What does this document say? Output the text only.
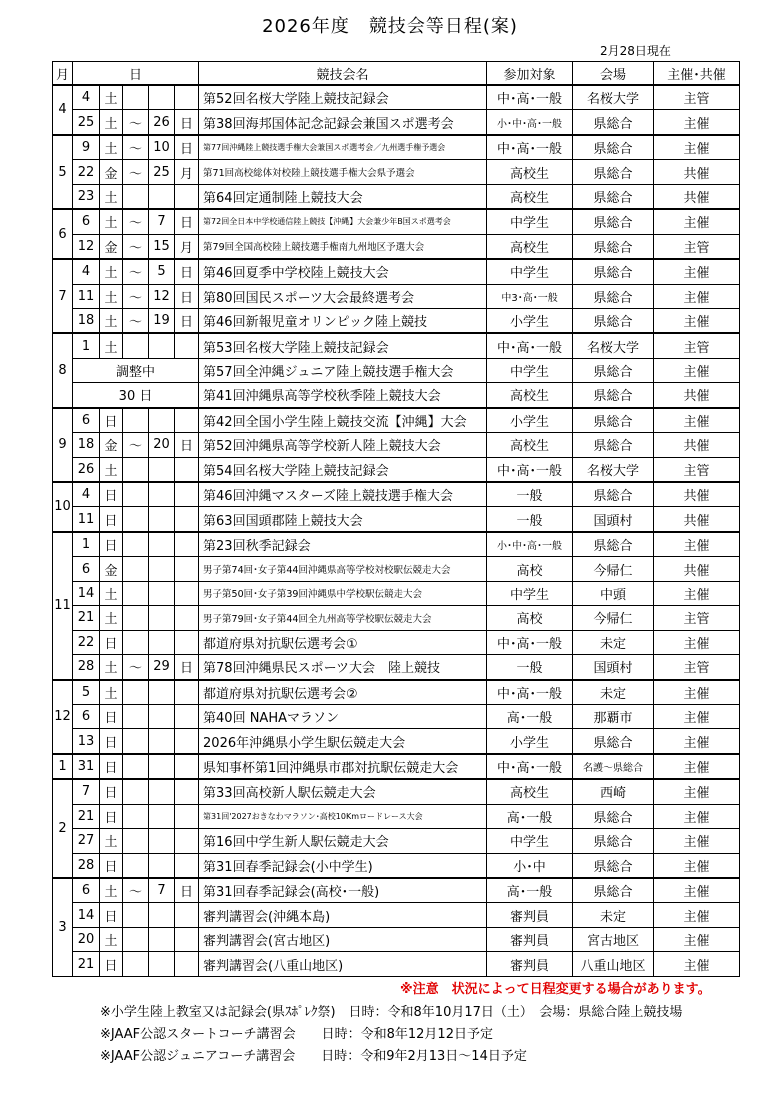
2026年度　競技会等日程(案)
2月28日現在
月	日					競技会名	参加対象	会場	主催･共催
4	4	土				第52回名桜大学陸上競技記録会	中･高･一般	名桜大学	主管
	25	土	〜	26	日	第38回海邦国体記念記録会兼国スポ選考会	小･中･高･一般	県総合	主催
5	9	土	〜	10	日	第77回沖縄陸上競技選手権大会兼国スポ選考会／九州選手権予選会	中･高･一般	県総合	主催
	22	金	〜	25	月	第71回高校総体対校陸上競技選手権大会県予選会	高校生	県総合	共催
	23	土				第64回定通制陸上競技大会	高校生	県総合	共催
6	6	土	〜	7	日	第72回全日本中学校通信陸上競技【沖縄】大会兼少年B国スポ選考会	中学生	県総合	主催
	12	金	〜	15	月	第79回全国高校陸上競技選手権南九州地区予選大会	高校生	県総合	主管
7	4	土	〜	5	日	第46回夏季中学校陸上競技大会	中学生	県総合	主催
	11	土	〜	12	日	第80回国民スポーツ大会最終選考会	中3･高･一般	県総合	主催
	18	土	〜	19	日	第46回新報児童オリンピック陸上競技	小学生	県総合	主催
8	1	土				第53回名桜大学陸上競技記録会	中･高･一般	名桜大学	主管
	調整中					第57回全沖縄ジュニア陸上競技選手権大会	中学生	県総合	主催
	30 日					第41回沖縄県高等学校秋季陸上競技大会	高校生	県総合	共催
9	6	日				第42回全国小学生陸上競技交流【沖縄】大会	小学生	県総合	主催
	18	金	〜	20	日	第52回沖縄県高等学校新人陸上競技大会	高校生	県総合	共催
	26	土				第54回名桜大学陸上競技記録会	中･高･一般	名桜大学	主管
10	4	日				第46回沖縄マスターズ陸上競技選手権大会	一般	県総合	共催
	11	日				第63回国頭郡陸上競技大会	一般	国頭村	共催
11	1	日				第23回秋季記録会	小･中･高･一般	県総合	主催
	6	金				男子第74回･女子第44回沖縄県高等学校対校駅伝競走大会	高校	今帰仁	共催
	14	土				男子第50回･女子第39回沖縄県中学校駅伝競走大会	中学生	中頭	主催
	21	土				男子第79回･女子第44回全九州高等学校駅伝競走大会	高校	今帰仁	主管
	22	日				都道府県対抗駅伝選考会①	中･高･一般	未定	主催
	28	土	〜	29	日	第78回沖縄県民スポーツ大会　陸上競技	一般	国頭村	主管
12	5	土				都道府県対抗駅伝選考会②	中･高･一般	未定	主催
	6	日				第40回 NAHAマラソン	高･一般	那覇市	主催
	13	日				2026年沖縄県小学生駅伝競走大会	小学生	県総合	主催
1	31	日				県知事杯第1回沖縄県市郡対抗駅伝競走大会	中･高･一般	名護〜県総合	主催
2	7	日				第33回高校新人駅伝競走大会	高校生	西崎	主催
	21	日				第31回'2027おきなわマラソン･高校10Kmロードレース大会	高･一般	県総合	主催
	27	土				第16回中学生新人駅伝競走大会	中学生	県総合	主催
	28	日				第31回春季記録会(小中学生)	小･中	県総合	主催
3	6	土	〜	7	日	第31回春季記録会(高校･一般)	高･一般	県総合	主催
	14	日				審判講習会(沖縄本島)	審判員	未定	主催
	20	土				審判講習会(宮古地区)	審判員	宮古地区	主催
	21	日				審判講習会(八重山地区)	審判員	八重山地区	主催
※注意　状況によって日程変更する場合があります。
※小学生陸上教室又は記録会(県ｽﾎﾟﾚｸ祭)　日時：令和8年10月17日（土）　会場：県総合陸上競技場
※JAAF公認スタートコーチ講習会　　日時：令和8年12月12日予定
※JAAF公認ジュニアコーチ講習会　　日時：令和9年2月13日〜14日予定
